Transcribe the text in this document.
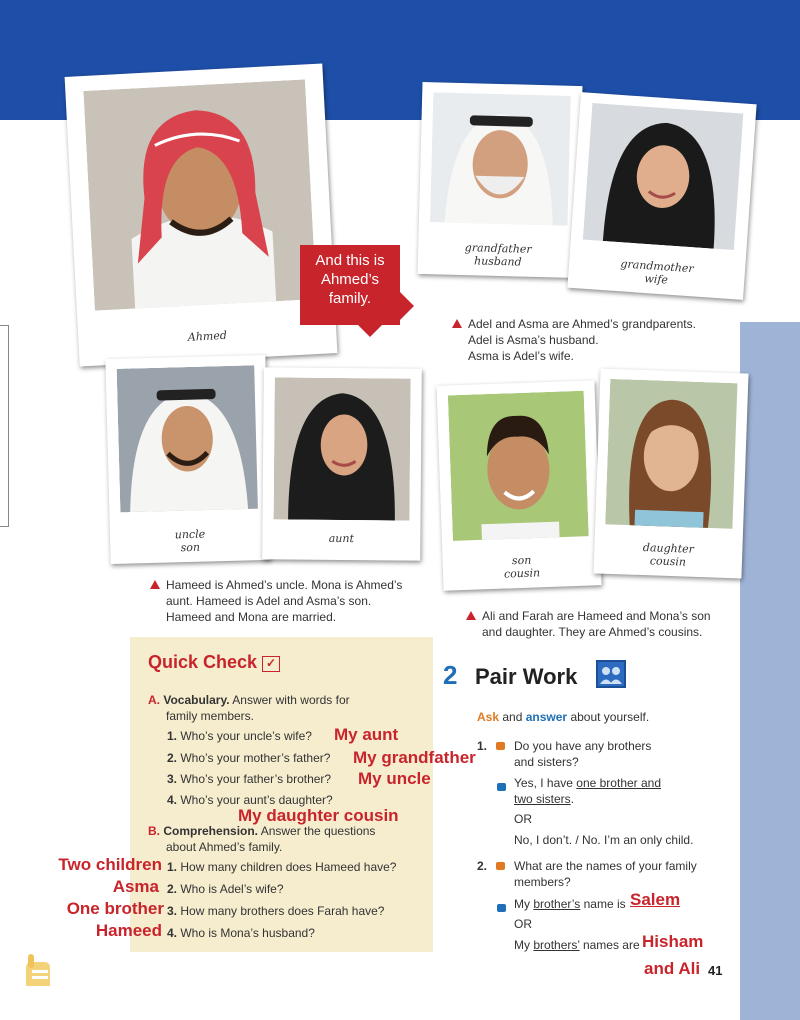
Ahmed
grandfather
husband	grandmother
wife
And this is
Ahmed’s
family.
Adel and Asma are Ahmed’s grandparents.
Adel is Asma’s husband.
Asma is Adel’s wife.
uncle
son
aunt
son
cousin
daughter
cousin
Hameed is Ahmed’s uncle. Mona is Ahmed’s
aunt. Hameed is Adel and Asma’s son.
Hameed and Mona are married.	Ali and Farah are Hameed and Mona’s son
and daughter. They are Ahmed’s cousins.
Quick Check ✓
A. Vocabulary. Answer with words for
family members.
1. Who’s your uncle’s wife? My aunt
2. Who’s your mother’s father? My grandfather
3. Who’s your father’s brother? My uncle
4. Who’s your aunt’s daughter?
My daughter cousin
B. Comprehension. Answer the questions
about Ahmed’s family.
1. How many children does Hameed have?
Two children
2. Who is Adel’s wife?
Asma
3. How many brothers does Farah have?
One brother
4. Who is Mona’s husband?
Hameed
2 Pair Work
Ask and answer about yourself.
1.	Do you have any brothers
and sisters?
Yes, I have one brother and
two sisters.
OR
No, I don’t. / No. I’m an only child.
2.	What are the names of your family
members?
My brother’s name is Salem
OR
My brothers’ names are Hisham
and Ali 41
